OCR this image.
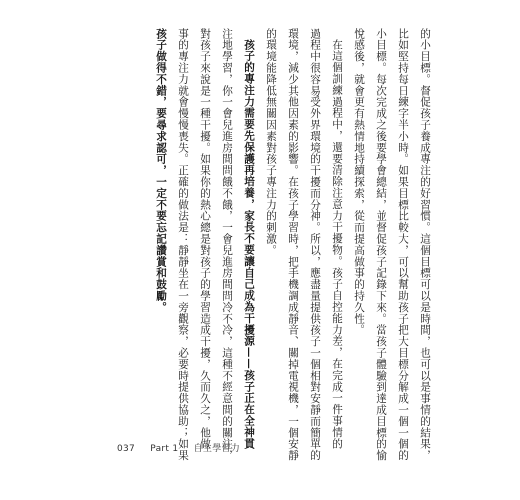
的小目標。督促孩子養成專注的好習慣。這個目標可以是時間，也可以是事情的結果，
比如堅持每日練字半小時。如果目標比較大，可以幫助孩子把大目標分解成一個一個的
小目標。每次完成之後要學會總結，並督促孩子記錄下來。當孩子體驗到達成目標的愉
悅感後，就會更有熱情地持續探索，從而提高做事的持久性。
在這個訓練過程中，還要清除注意力干擾物。孩子自控能力差，在完成一件事情的
過程中很容易受外界環境的干擾而分神。所以，應盡量提供孩子一個相對安靜而簡單的
環境，減少其他因素的影響。在孩子學習時，把手機調成靜音、關掉電視機，一個安靜
的環境能降低無關因素對孩子專注力的刺激。
孩子的專注力需要先保護再培養，家長不要讓自己成為干擾源——孩子正在全神貫
注地學習，你一會兒進房間問餓不餓，一會兒進房間問冷不冷，這種不經意間的關注，
對孩子來說是一種干擾。如果你的熱心總是對孩子的學習造成干擾，久而久之，他做
事的專注力就會慢慢喪失。正確的做法是：靜靜坐在一旁觀察，必要時提供協助；如果
孩子做得不錯，要尋求認可，一定不要忘記讚賞和鼓勵。
037 Part 1 自主學習力
